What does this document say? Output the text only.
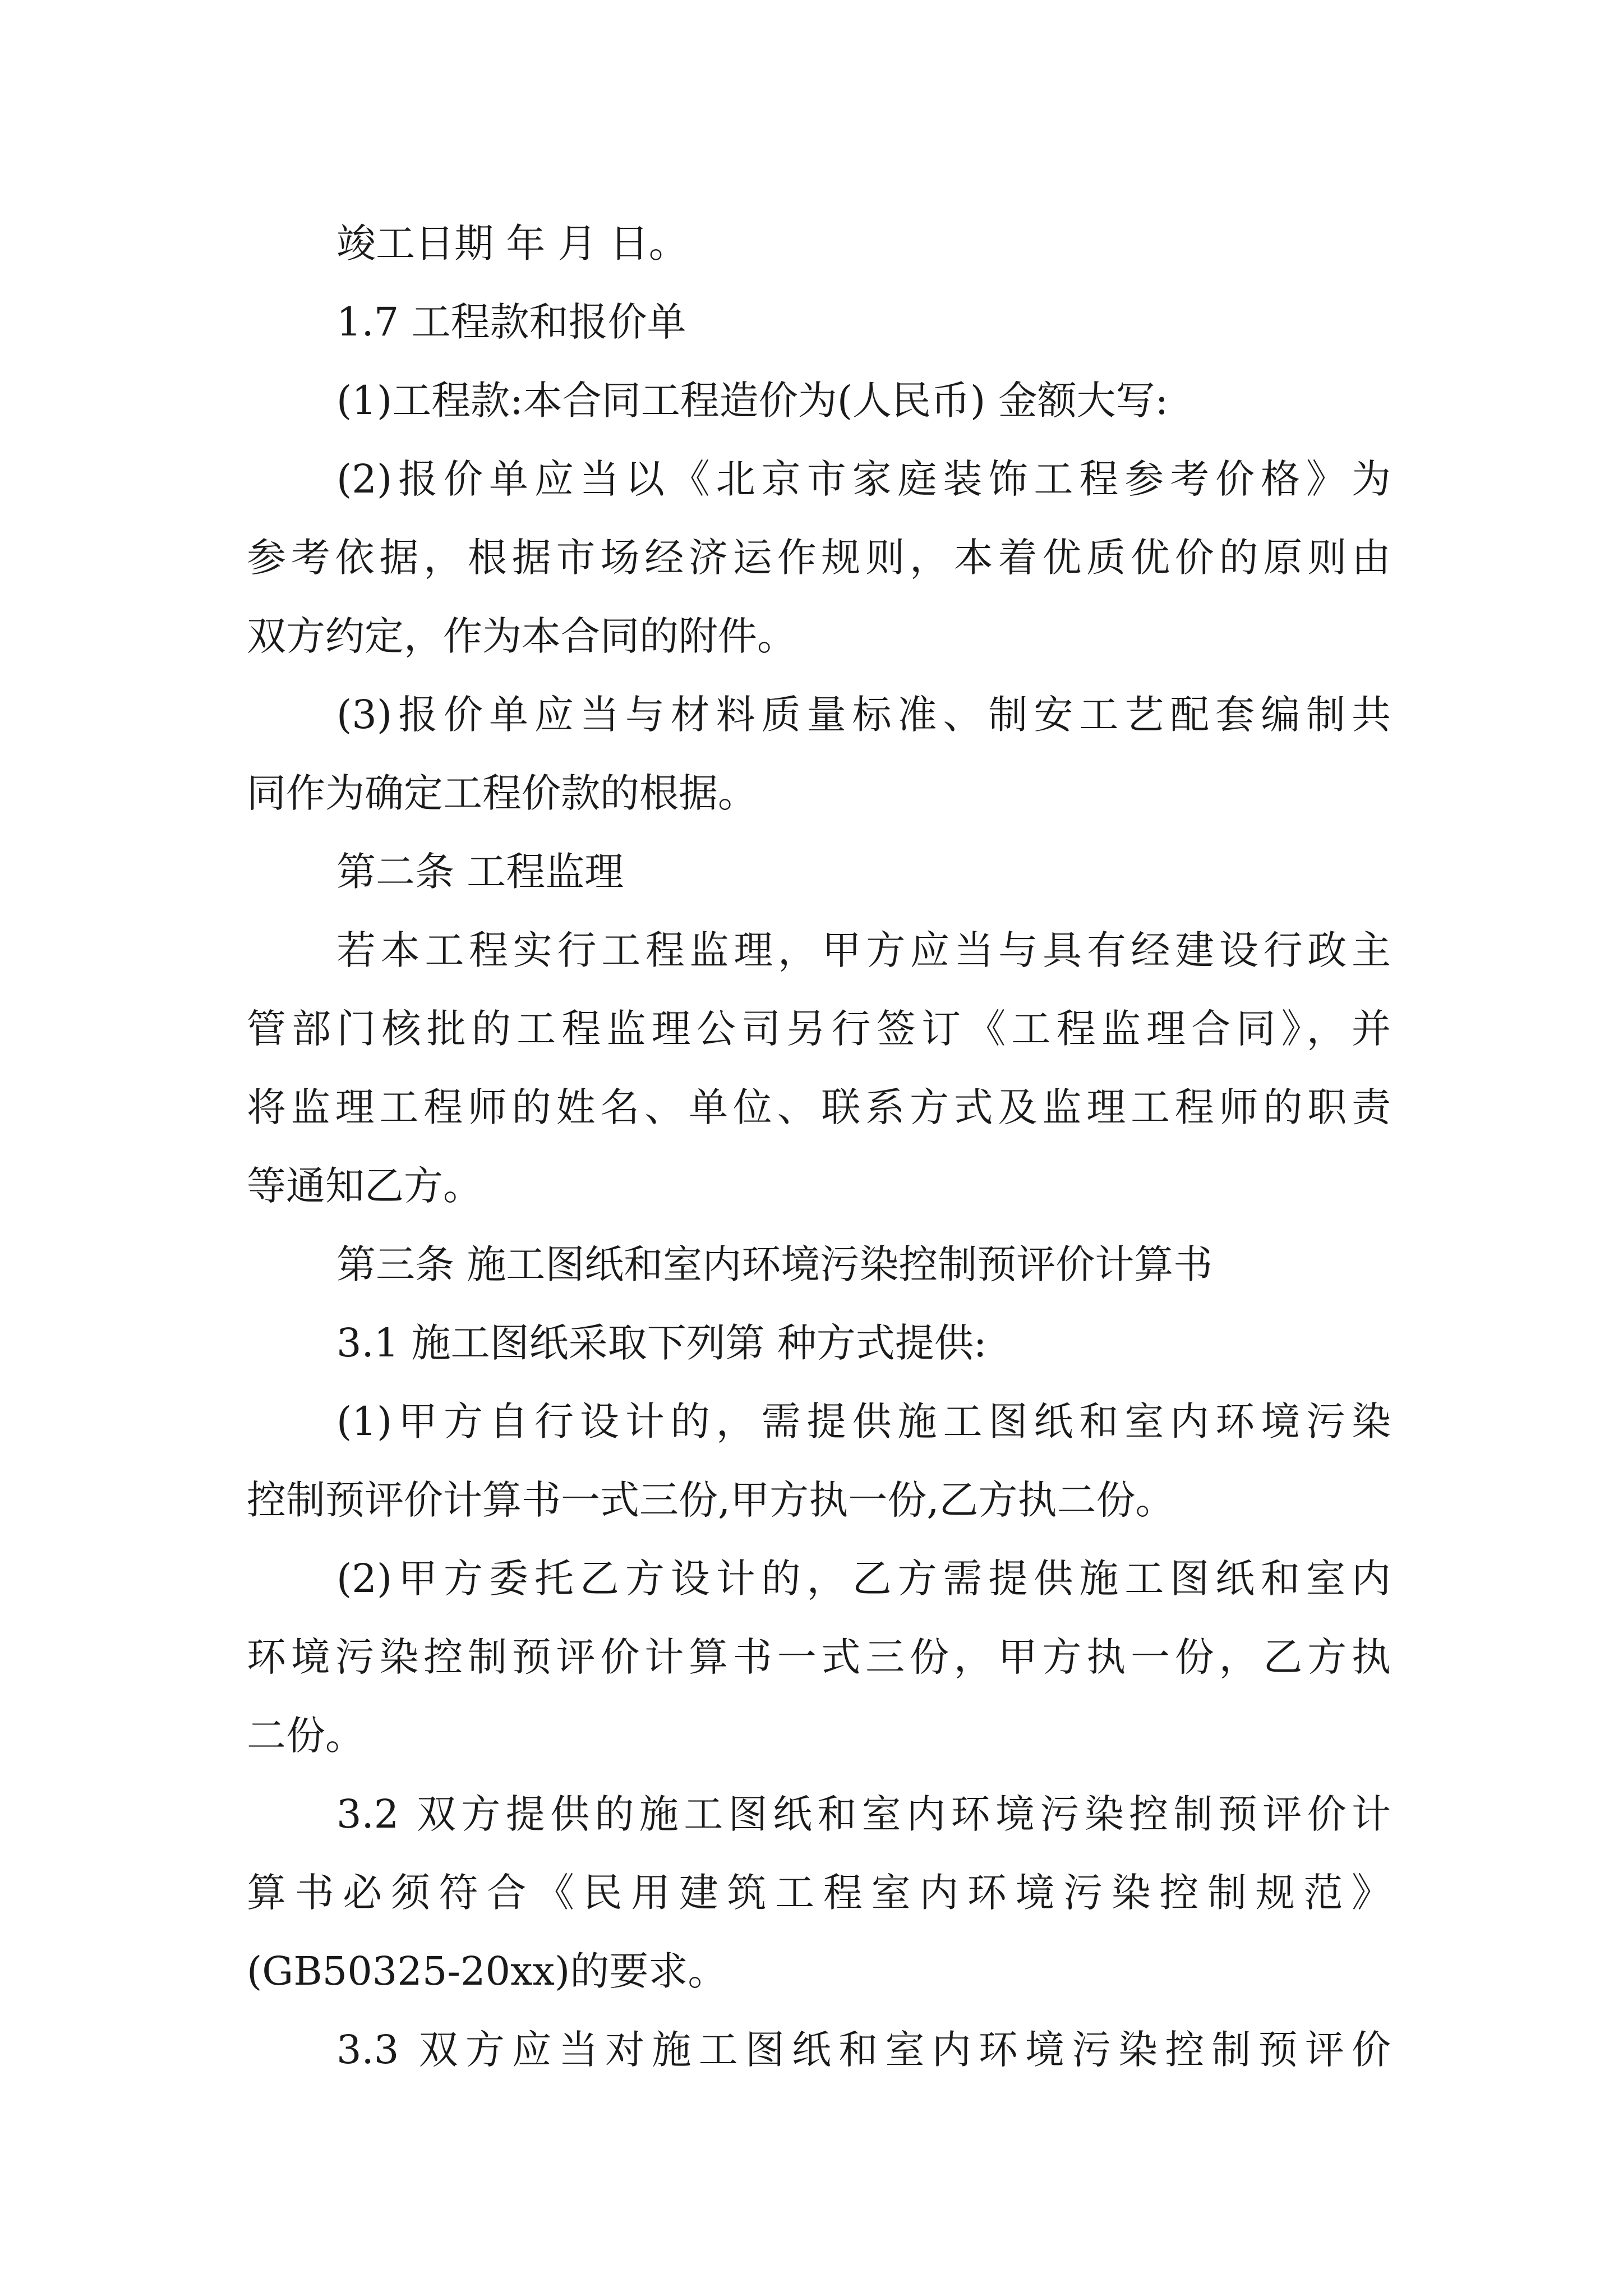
竣工日期 年 月 日。
1.7 工程款和报价单
(1)工程款:本合同工程造价为(人民币) 金额大写:
(2)报价单应当以《北京市家庭装饰工程参考价格》为
参考依据，根据市场经济运作规则，本着优质优价的原则由
双方约定，作为本合同的附件。
(3)报价单应当与材料质量标准、制安工艺配套编制共
同作为确定工程价款的根据。
第二条 工程监理
若本工程实行工程监理，甲方应当与具有经建设行政主
管部门核批的工程监理公司另行签订《工程监理合同》，并
将监理工程师的姓名、单位、联系方式及监理工程师的职责
等通知乙方。
第三条 施工图纸和室内环境污染控制预评价计算书
3.1 施工图纸采取下列第 种方式提供:
(1)甲方自行设计的，需提供施工图纸和室内环境污染
控制预评价计算书一式三份,甲方执一份,乙方执二份。
(2)甲方委托乙方设计的，乙方需提供施工图纸和室内
环境污染控制预评价计算书一式三份，甲方执一份，乙方执
二份。
3.2 双方提供的施工图纸和室内环境污染控制预评价计
算书必须符合《民用建筑工程室内环境污染控制规范》
(GB50325-20xx)的要求。
3.3 双方应当对施工图纸和室内环境污染控制预评价
